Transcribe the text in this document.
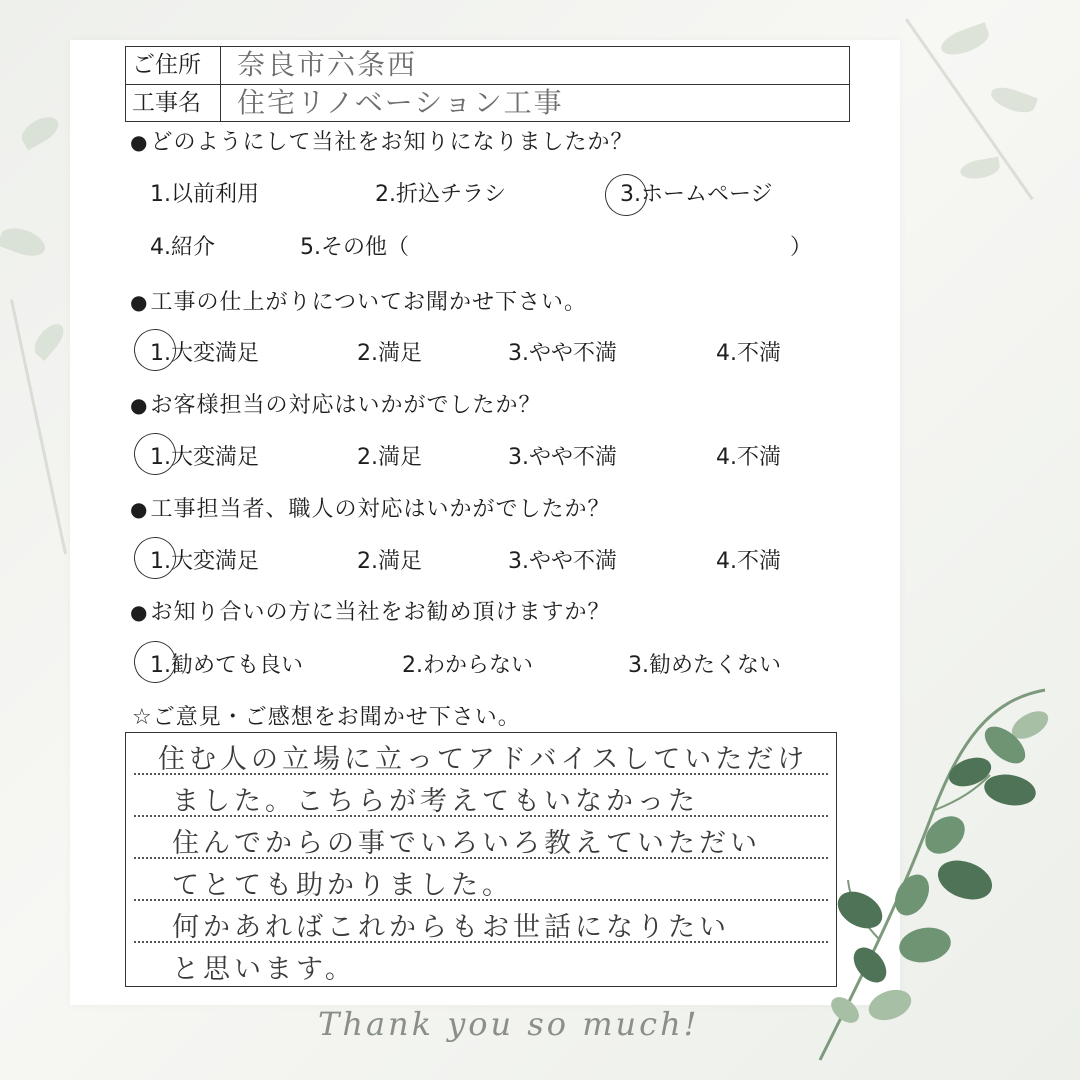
ご住所	奈良市六条西
工事名	住宅リノベーション工事
●どのようにして当社をお知りになりましたか？
1.以前利用	2.折込チラシ	3.ホームページ
4.紹介	5.その他（	）
●工事の仕上がりについてお聞かせ下さい。
1.大変満足	2.満足	3.やや不満	4.不満
●お客様担当の対応はいかがでしたか？
1.大変満足	2.満足	3.やや不満	4.不満
●工事担当者、職人の対応はいかがでしたか？
1.大変満足	2.満足	3.やや不満	4.不満
●お知り合いの方に当社をお勧め頂けますか？
1.勧めても良い	2.わからない	3.勧めたくない
☆ご意見・ご感想をお聞かせ下さい。
住む人の立場に立ってアドバイスしていただけ
ました。こちらが考えてもいなかった
住んでからの事でいろいろ教えていただい
てとても助かりました。
何かあればこれからもお世話になりたい
と思います。
Thank you so much!
